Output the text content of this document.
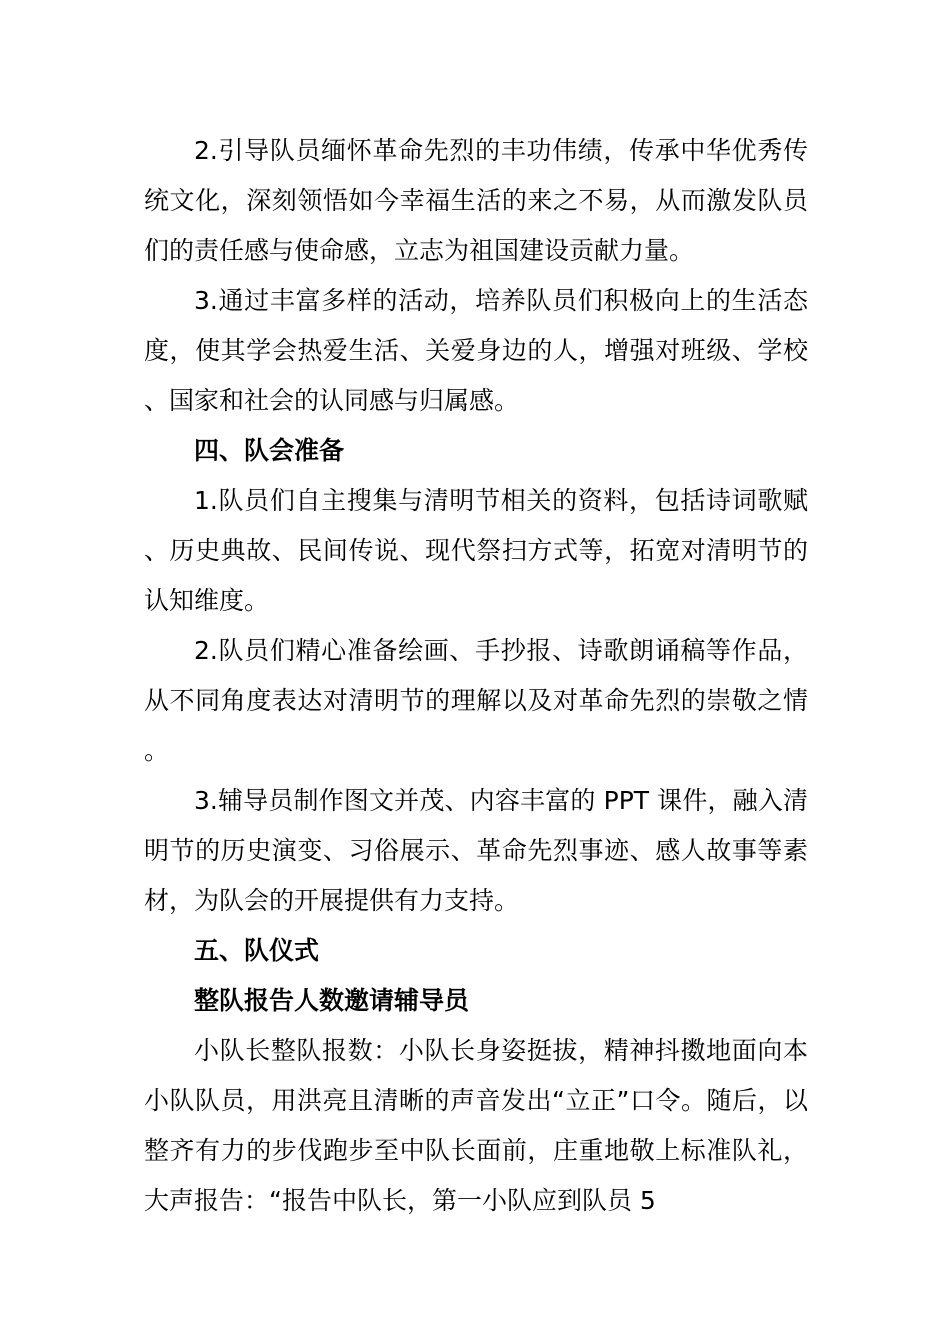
2.引导队员缅怀革命先烈的丰功伟绩，传承中华优秀传统文化，深刻领悟如今幸福生活的来之不易，从而激发队员们的责任感与使命感，立志为祖国建设贡献力量。

3.通过丰富多样的活动，培养队员们积极向上的生活态度，使其学会热爱生活、关爱身边的人，增强对班级、学校、国家和社会的认同感与归属感。

四、队会准备

1.队员们自主搜集与清明节相关的资料，包括诗词歌赋、历史典故、民间传说、现代祭扫方式等，拓宽对清明节的认知维度。

2.队员们精心准备绘画、手抄报、诗歌朗诵稿等作品，从不同角度表达对清明节的理解以及对革命先烈的崇敬之情。

3.辅导员制作图文并茂、内容丰富的 PPT 课件，融入清明节的历史演变、习俗展示、革命先烈事迹、感人故事等素材，为队会的开展提供有力支持。

五、队仪式

整队报告人数邀请辅导员

小队长整队报数：小队长身姿挺拔，精神抖擞地面向本小队队员，用洪亮且清晰的声音发出“立正”口令。随后，以整齐有力的步伐跑步至中队长面前，庄重地敬上标准队礼，大声报告：“报告中队长，第一小队应到队员 5
